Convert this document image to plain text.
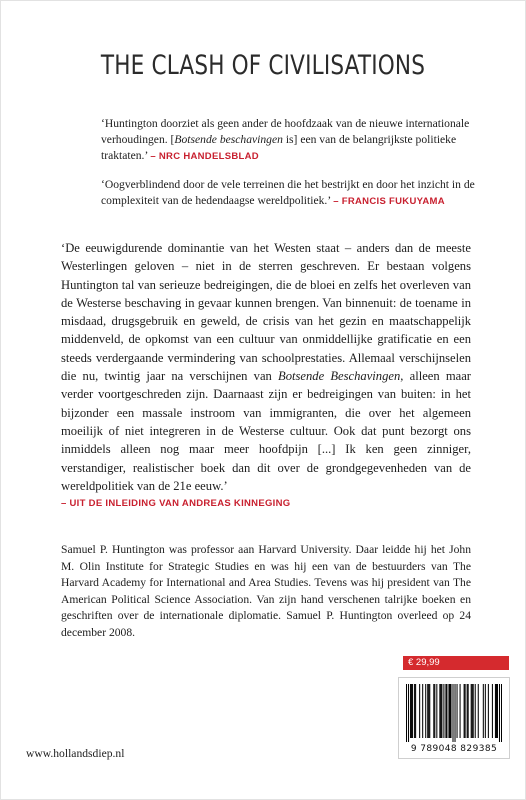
THE CLASH OF CIVILISATIONS
‘Huntington doorziet als geen ander de hoofdzaak van de nieuwe internationale verhoudingen. [Botsende beschavingen is] een van de belangrijkste politieke traktaten.’ – NRC HANDELSBLAD
‘Oogverblindend door de vele terreinen die het bestrijkt en door het inzicht in de complexiteit van de hedendaagse wereldpolitiek.’ – FRANCIS FUKUYAMA
‘De eeuwigdurende dominantie van het Westen staat – anders dan de meeste Westerlingen geloven – niet in de sterren geschreven. Er bestaan volgens Huntington tal van serieuze bedreigingen, die de bloei en zelfs het overleven van de Westerse beschaving in gevaar kunnen brengen. Van binnenuit: de toename in misdaad, drugsgebruik en geweld, de crisis van het gezin en maatschappelijk middenveld, de opkomst van een cultuur van onmiddellijke gratificatie en een steeds verdergaande vermindering van schoolprestaties. Allemaal verschijnselen die nu, twintig jaar na verschijnen van Botsende Beschavingen, alleen maar verder voortgeschreden zijn. Daarnaast zijn er bedreigingen van buiten: in het bijzonder een massale instroom van immigranten, die over het algemeen moeilijk of niet integreren in de Westerse cultuur. Ook dat punt bezorgt ons inmiddels alleen nog maar meer hoofdpijn [...] Ik ken geen zinniger, verstandiger, realistischer boek dan dit over de grondgegevenheden van de wereldpolitiek van de 21e eeuw.’
– UIT DE INLEIDING VAN ANDREAS KINNEGING
Samuel P. Huntington was professor aan Harvard University. Daar leidde hij het John M. Olin Institute for Strategic Studies en was hij een van de bestuurders van The Harvard Academy for International and Area Studies. Tevens was hij president van The American Political Science Association. Van zijn hand verschenen talrijke boeken en geschriften over de internationale diplomatie. Samuel P. Huntington overleed op 24 december 2008.
€ 29,99
9 789048 829385
www.hollandsdiep.nl
